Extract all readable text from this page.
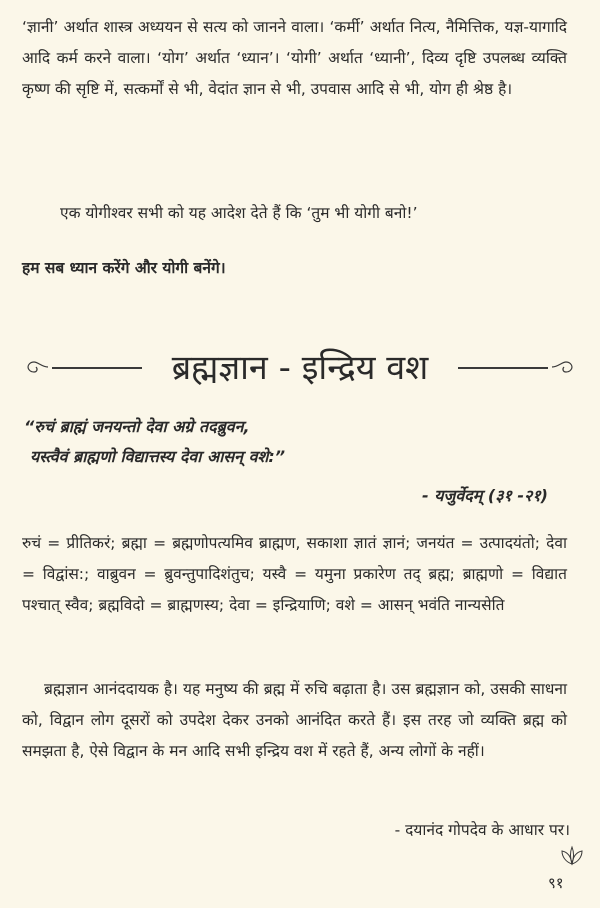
‘ज्ञानी’ अर्थात शास्त्र अध्ययन से सत्य को जानने वाला। ‘कर्मी’ अर्थात नित्य, नैमित्तिक, यज्ञ-यागादि आदि कर्म करने वाला। ‘योग’ अर्थात ‘ध्यान’। ‘योगी’ अर्थात ‘ध्यानी’, दिव्य दृष्टि उपलब्ध व्यक्ति कृष्ण की सृष्टि में, सत्कर्मों से भी, वेदांत ज्ञान से भी, उपवास आदि से भी, योग ही श्रेष्ठ है।

एक योगीश्वर सभी को यह आदेश देते हैं कि ‘तुम भी योगी बनो!’

हम सब ध्यान करेंगे और योगी बनेंगे।

ब्रह्मज्ञान - इन्द्रिय वश
“रुचं ब्राह्मं जनयन्तो देवा अग्रे तदब्रुवन,
यस्त्वैवं ब्राह्मणो विद्यात्तस्य देवा आसन् वशे:”
- यजुर्वेदम् (३१ -२१)

रुचं = प्रीतिकरं; ब्रह्मा = ब्रह्मणोपत्यमिव ब्राह्मण, सकाशा ज्ञातं ज्ञानं; जनयंत = उत्पादयंतो; देवा = विद्वांस:; वाब्रुवन = ब्रुवन्तुपादिशंतुच; यस्वै = यमुना प्रकारेण तद् ब्रह्म; ब्राह्मणो = विद्यात पश्चात् स्वैव; ब्रह्मविदो = ब्राह्मणस्य; देवा = इन्द्रियाणि; वशे = आसन् भवंति नान्यसेति

ब्रह्मज्ञान आनंददायक है। यह मनुष्य की ब्रह्म में रुचि बढ़ाता है। उस ब्रह्मज्ञान को, उसकी साधना को, विद्वान लोग दूसरों को उपदेश देकर उनको आनंदित करते हैं। इस तरह जो व्यक्ति ब्रह्म को समझता है, ऐसे विद्वान के मन आदि सभी इन्द्रिय वश में रहते हैं, अन्य लोगों के नहीं।

- दयानंद गोपदेव के आधार पर।
९१
